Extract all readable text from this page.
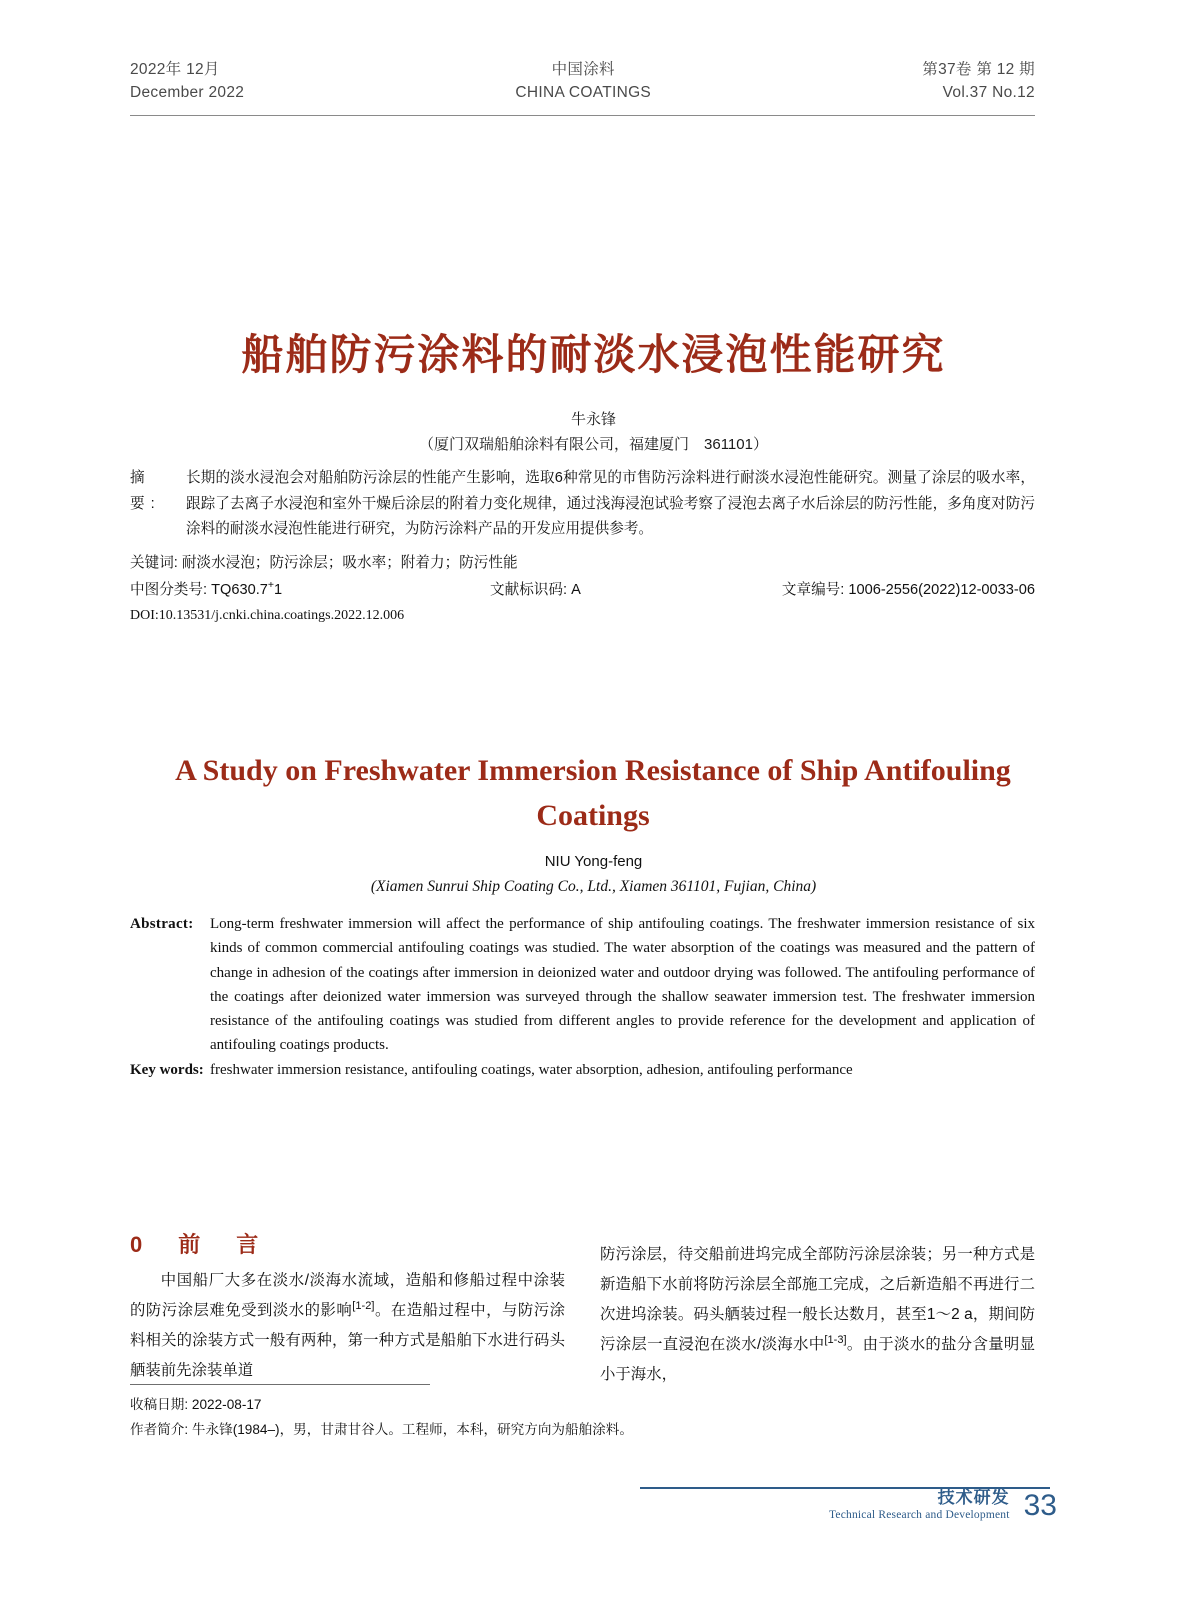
2022年 12月
December 2022
中国涂料
CHINA COATINGS
第37卷 第 12 期
Vol.37 No.12
船舶防污涂料的耐淡水浸泡性能研究
牛永锋
（厦门双瑞船舶涂料有限公司，福建厦门　361101）
摘　要:
长期的淡水浸泡会对船舶防污涂层的性能产生影响，选取6种常见的市售防污涂料进行耐淡水浸泡性能研究。测量了涂层的吸水率，跟踪了去离子水浸泡和室外干燥后涂层的附着力变化规律，通过浅海浸泡试验考察了浸泡去离子水后涂层的防污性能，多角度对防污涂料的耐淡水浸泡性能进行研究，为防污涂料产品的开发应用提供参考。
关键词: 耐淡水浸泡；防污涂层；吸水率；附着力；防污性能
中图分类号: TQ630.7+1	文献标识码: A	文章编号: 1006-2556(2022)12-0033-06
DOI:10.13531/j.cnki.china.coatings.2022.12.006
A Study on Freshwater Immersion Resistance of Ship Antifouling Coatings
NIU Yong-feng
(Xiamen Sunrui Ship Coating Co., Ltd., Xiamen 361101, Fujian, China)
Abstract:	Long-term freshwater immersion will affect the performance of ship antifouling coatings. The freshwater immersion resistance of six kinds of common commercial antifouling coatings was studied. The water absorption of the coatings was measured and the pattern of change in adhesion of the coatings after immersion in deionized water and outdoor drying was followed. The antifouling performance of the coatings after deionized water immersion was surveyed through the shallow seawater immersion test. The freshwater immersion resistance of the antifouling coatings was studied from different angles to provide reference for the development and application of antifouling coatings products.
Key words: freshwater immersion resistance, antifouling coatings, water absorption, adhesion, antifouling performance
0　前　言

中国船厂大多在淡水/淡海水流域，造船和修船过程中涂装的防污涂层难免受到淡水的影响[1-2]。在造船过程中，与防污涂料相关的涂装方式一般有两种，第一种方式是船舶下水进行码头舾装前先涂装单道

防污涂层，待交船前进坞完成全部防污涂层涂装；另一种方式是新造船下水前将防污涂层全部施工完成，之后新造船不再进行二次进坞涂装。码头舾装过程一般长达数月，甚至1～2 a，期间防污涂层一直浸泡在淡水/淡海水中[1-3]。由于淡水的盐分含量明显小于海水，

收稿日期: 2022-08-17
作者简介: 牛永锋(1984–)，男，甘肃甘谷人。工程师，本科，研究方向为船舶涂料。
技术研发
Technical Research and Development 33
